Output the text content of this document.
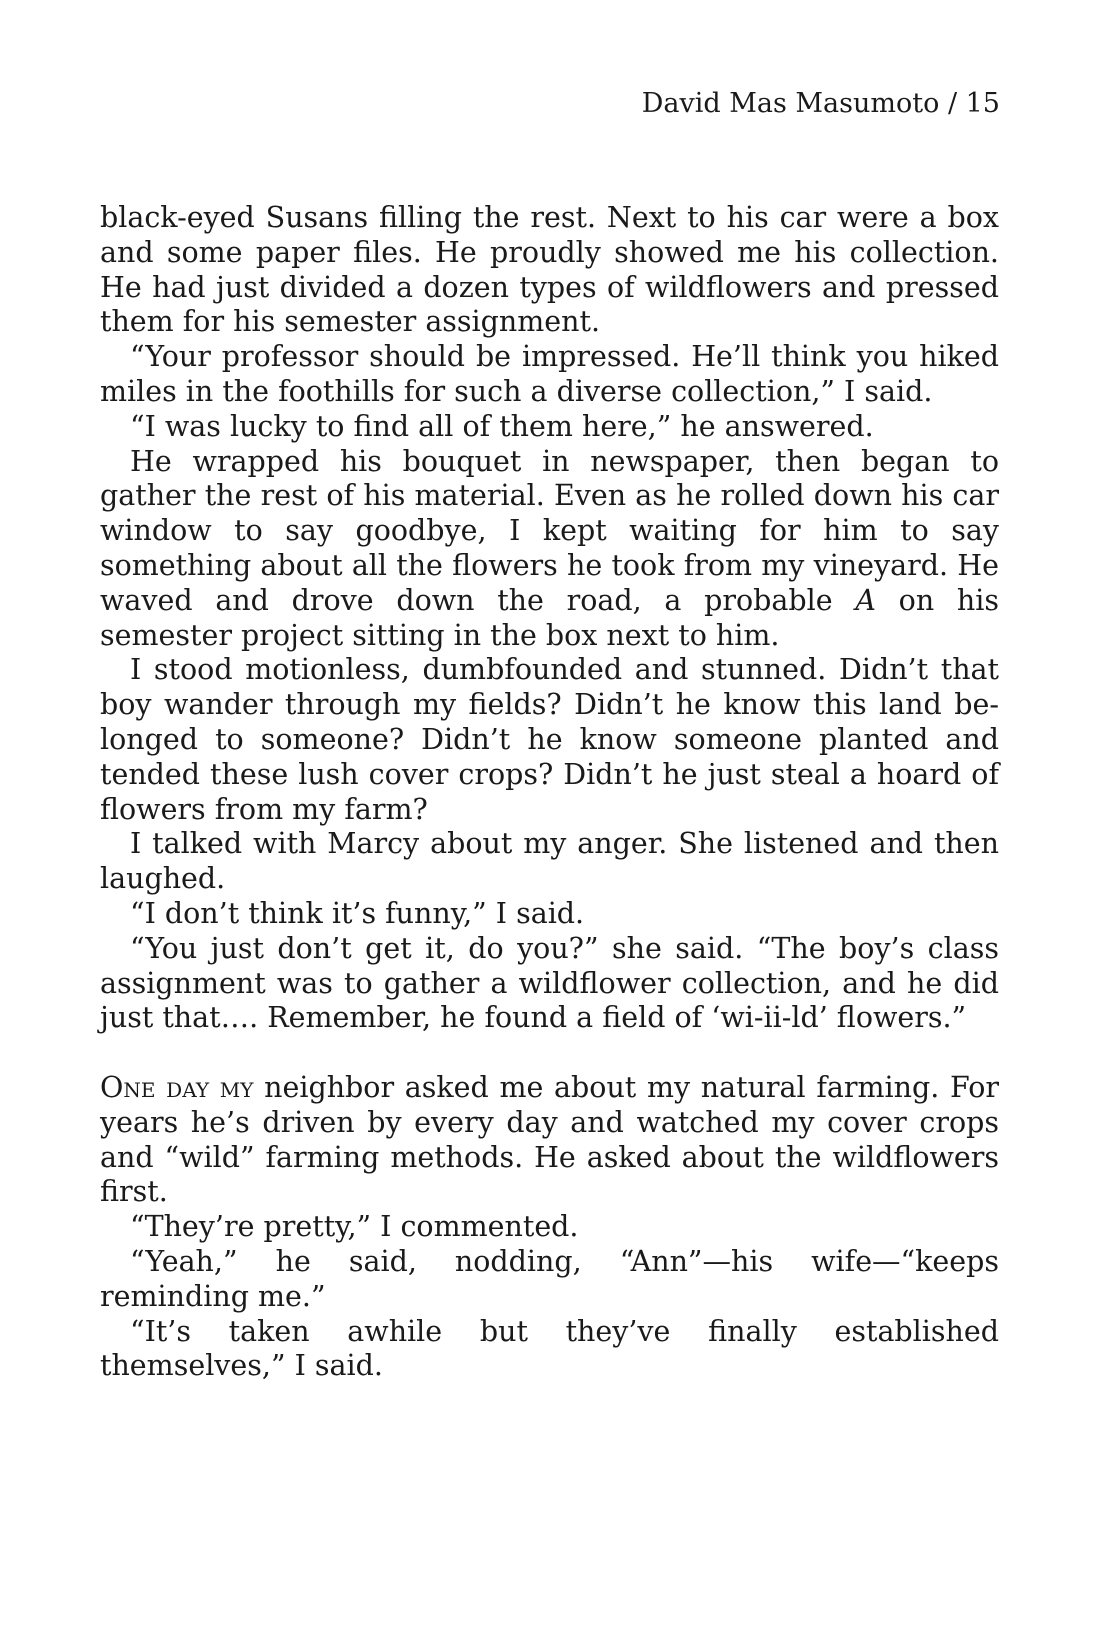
David Mas Masumoto / 15

black-eyed Susans filling the rest. Next to his car were a box and some paper files. He proudly showed me his collection. He had just divided a dozen types of wildflowers and pressed them for his semester assignment.

“Your professor should be impressed. He’ll think you hiked miles in the foothills for such a diverse collection,” I said.

“I was lucky to find all of them here,” he answered.

He wrapped his bouquet in newspaper, then began to gather the rest of his material. Even as he rolled down his car window to say goodbye, I kept waiting for him to say something about all the flowers he took from my vineyard. He waved and drove down the road, a probable A on his semester project sitting in the box next to him.

I stood motionless, dumbfounded and stunned. Didn’t that boy wander through my fields? Didn’t he know this land belonged to someone? Didn’t he know someone planted and tended these lush cover crops? Didn’t he just steal a hoard of flowers from my farm?

I talked with Marcy about my anger. She listened and then laughed.

“I don’t think it’s funny,” I said.

“You just don’t get it, do you?” she said. “The boy’s class assignment was to gather a wildflower collection, and he did just that…. Remember, he found a field of ‘wi-ii-ld’ flowers.”

One day my neighbor asked me about my natural farming. For years he’s driven by every day and watched my cover crops and “wild” farming methods. He asked about the wildflowers first.

“They’re pretty,” I commented.

“Yeah,” he said, nodding, “Ann”—his wife—“keeps reminding me.”

“It’s taken awhile but they’ve finally established themselves,” I said.
